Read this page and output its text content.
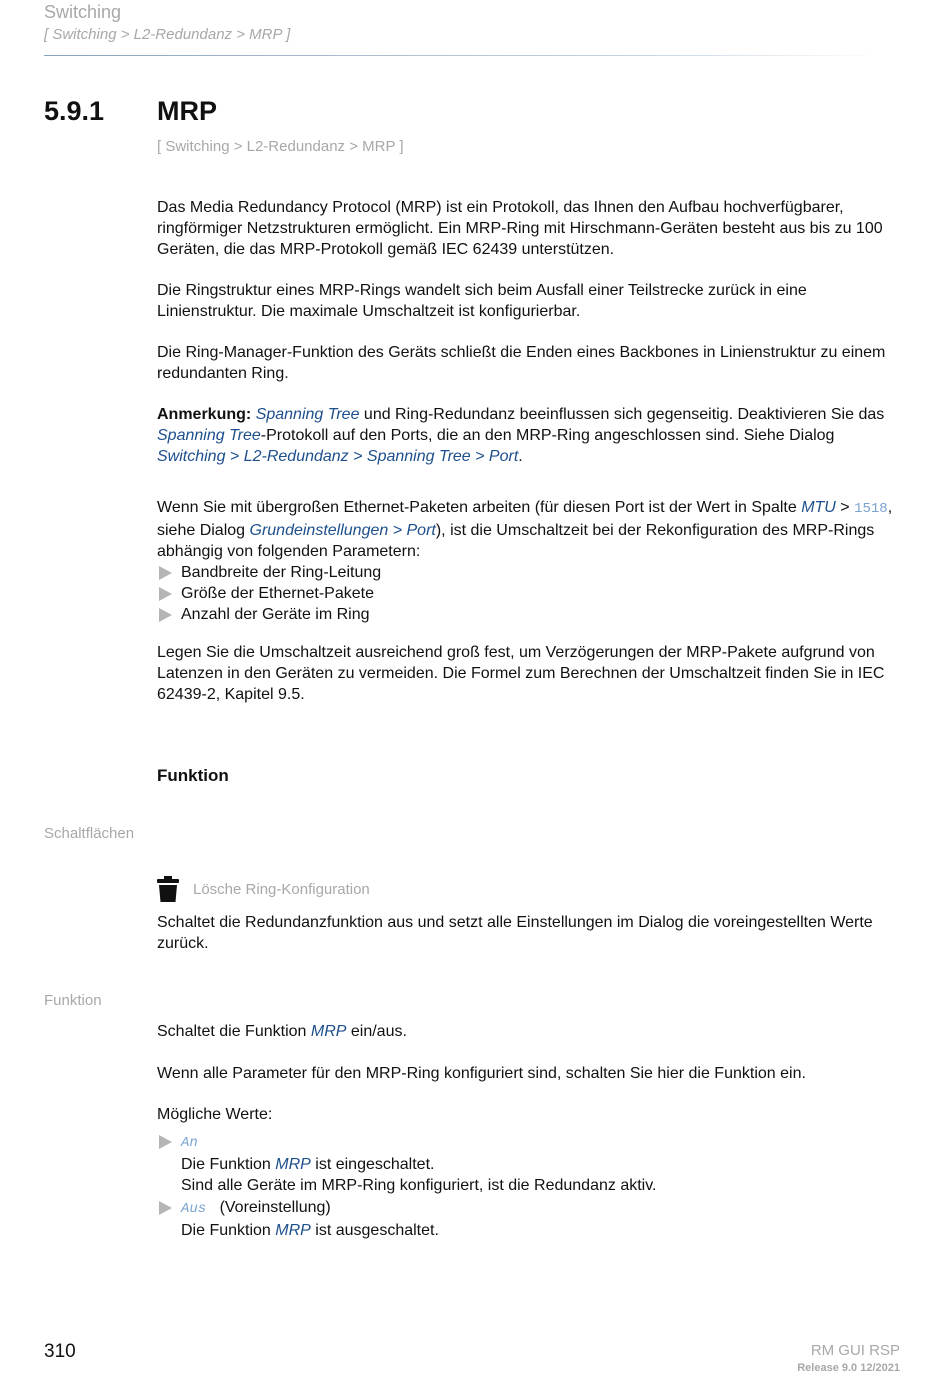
Switching
[ Switching > L2-Redundanz > MRP ]
5.9.1 MRP
[ Switching > L2-Redundanz > MRP ]
Das Media Redundancy Protocol (MRP) ist ein Protokoll, das Ihnen den Aufbau hochverfügbarer, ringförmiger Netzstrukturen ermöglicht. Ein MRP-Ring mit Hirschmann-Geräten besteht aus bis zu 100 Geräten, die das MRP-Protokoll gemäß IEC 62439 unterstützen.
Die Ringstruktur eines MRP-Rings wandelt sich beim Ausfall einer Teilstrecke zurück in eine Linienstruktur. Die maximale Umschaltzeit ist konfigurierbar.
Die Ring-Manager-Funktion des Geräts schließt die Enden eines Backbones in Linienstruktur zu einem redundanten Ring.
Anmerkung: Spanning Tree und Ring-Redundanz beeinflussen sich gegenseitig. Deaktivieren Sie das Spanning Tree-Protokoll auf den Ports, die an den MRP-Ring angeschlossen sind. Siehe Dialog Switching > L2-Redundanz > Spanning Tree > Port.
Wenn Sie mit übergroßen Ethernet-Paketen arbeiten (für diesen Port ist der Wert in Spalte MTU > 1518, siehe Dialog Grundeinstellungen > Port), ist die Umschaltzeit bei der Rekonfiguration des MRP-Rings abhängig von folgenden Parametern:
Bandbreite der Ring-Leitung
Größe der Ethernet-Pakete
Anzahl der Geräte im Ring
Legen Sie die Umschaltzeit ausreichend groß fest, um Verzögerungen der MRP-Pakete aufgrund von Latenzen in den Geräten zu vermeiden. Die Formel zum Berechnen der Umschaltzeit finden Sie in IEC 62439-2, Kapitel 9.5.
Funktion
Schaltflächen
Lösche Ring-Konfiguration
Schaltet die Redundanzfunktion aus und setzt alle Einstellungen im Dialog die voreingestellten Werte zurück.
Funktion
Schaltet die Funktion MRP ein/aus.
Wenn alle Parameter für den MRP-Ring konfiguriert sind, schalten Sie hier die Funktion ein.
Mögliche Werte:
An
Die Funktion MRP ist eingeschaltet.
Sind alle Geräte im MRP-Ring konfiguriert, ist die Redundanz aktiv.
Aus (Voreinstellung)
Die Funktion MRP ist ausgeschaltet.
310	RM GUI RSP
Release 9.0 12/2021
